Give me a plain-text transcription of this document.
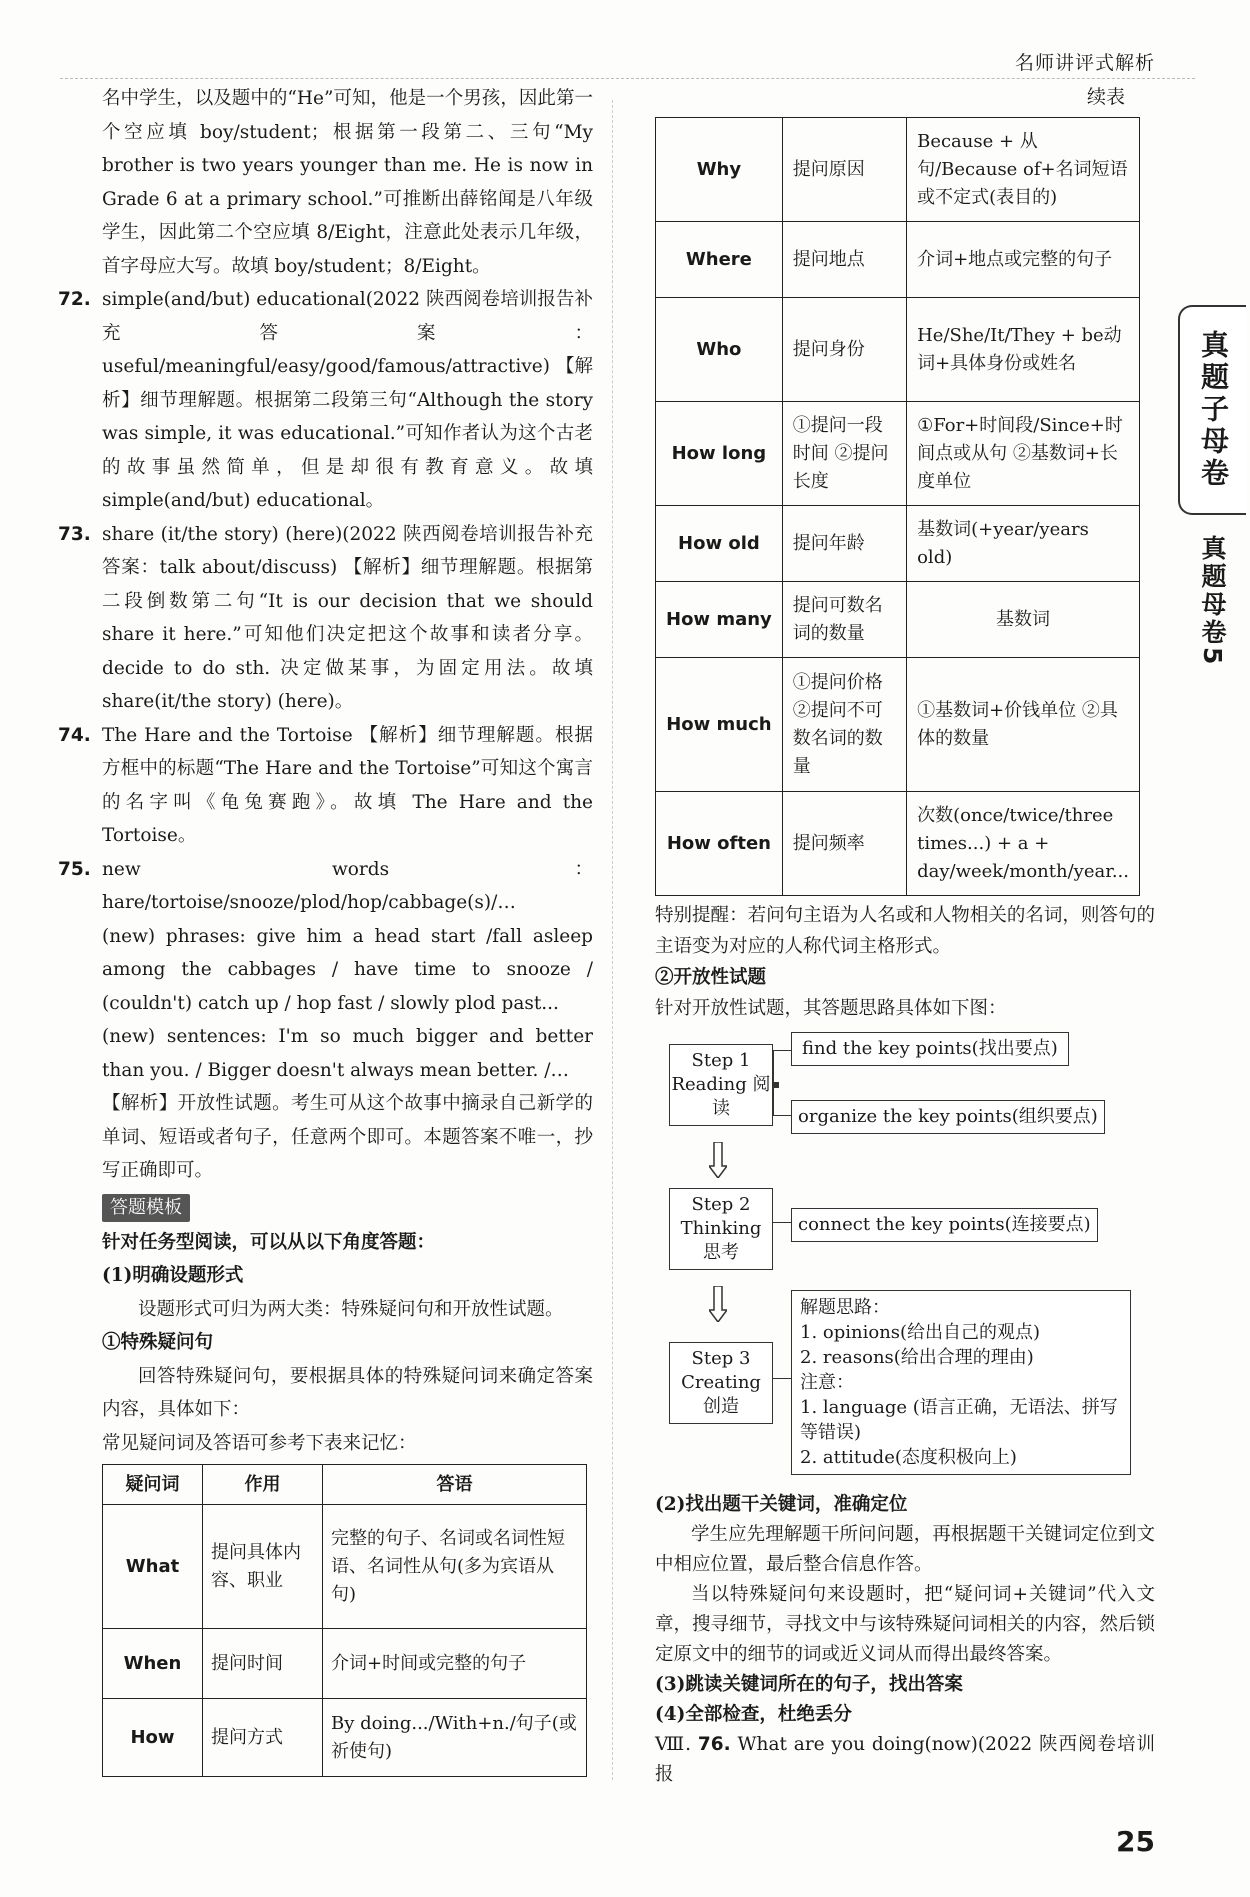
名师讲评式解析

名中学生，以及题中的“He”可知，他是一个男孩，因此第一个空应填 boy/student；根据第一段第二、三句“My brother is two years younger than me. He is now in Grade 6 at a primary school.”可推断出薛铭闻是八年级学生，因此第二个空应填 8/Eight，注意此处表示几年级，首字母应大写。故填 boy/student；8/Eight。

72. simple(and/but) educational(2022 陕西阅卷培训报告补充答案：useful/meaningful/easy/good/famous/attractive) 【解析】细节理解题。根据第二段第三句“Although the story was simple, it was educational.”可知作者认为这个古老的故事虽然简单，但是却很有教育意义。故填 simple(and/but) educational。

73. share (it/the story) (here)(2022 陕西阅卷培训报告补充答案：talk about/discuss) 【解析】细节理解题。根据第二段倒数第二句“It is our decision that we should share it here.”可知他们决定把这个故事和读者分享。decide to do sth. 决定做某事，为固定用法。故填 share(it/the story) (here)。

74. The Hare and the Tortoise 【解析】细节理解题。根据方框中的标题“The Hare and the Tortoise”可知这个寓言的名字叫《龟兔赛跑》。故填 The Hare and the Tortoise。

75. new words：hare/tortoise/snooze/plod/hop/cabbage(s)/…

(new) phrases: give him a head start /fall asleep among the cabbages / have time to snooze / (couldn't) catch up / hop fast / slowly plod past...

(new) sentences: I'm so much bigger and better than you. / Bigger doesn't always mean better. /…

【解析】开放性试题。考生可从这个故事中摘录自己新学的单词、短语或者句子，任意两个即可。本题答案不唯一，抄写正确即可。

答题模板

针对任务型阅读，可以从以下角度答题：

(1)明确设题形式

设题形式可归为两大类：特殊疑问句和开放性试题。

①特殊疑问句

回答特殊疑问句，要根据具体的特殊疑问词来确定答案内容，具体如下：

常见疑问词及答语可参考下表来记忆：

疑问词	作用	答语
What	提问具体内容、职业	完整的句子、名词或名词性短语、名词性从句(多为宾语从句)
When	提问时间	介词+时间或完整的句子
How	提问方式	By doing.../With+n./句子(或祈使句)
续表
Why	提问原因	Because + 从句/Because of+名词短语或不定式(表目的)
Where	提问地点	介词+地点或完整的句子
Who	提问身份	He/She/It/They + be动词+具体身份或姓名
How long	①提问一段时间 ②提问长度	①For+时间段/Since+时间点或从句 ②基数词+长度单位
How old	提问年龄	基数词(+year/years old)
How many	提问可数名词的数量	基数词
How much	①提问价格 ②提问不可数名词的数量	①基数词+价钱单位 ②具体的数量
How often	提问频率	次数(once/twice/three times...) + a + day/week/month/year...

特别提醒：若问句主语为人名或和人物相关的名词，则答句的主语变为对应的人称代词主格形式。

②开放性试题

针对开放性试题，其答题思路具体如下图：

Step 1 Reading 阅读
find the key points(找出要点)
organize the key points(组织要点)
Step 2 Thinking 思考
connect the key points(连接要点)
Step 3 Creating 创造
解题思路：
1. opinions(给出自己的观点)
2. reasons(给出合理的理由)
注意：
1. language (语言正确，无语法、拼写等错误)
2. attitude(态度积极向上)

(2)找出题干关键词，准确定位

学生应先理解题干所问问题，再根据题干关键词定位到文中相应位置，最后整合信息作答。

当以特殊疑问句来设题时，把“疑问词+关键词”代入文章，搜寻细节，寻找文中与该特殊疑问词相关的内容，然后锁定原文中的细节的词或近义词从而得出最终答案。

(3)跳读关键词所在的句子，找出答案

(4)全部检查，杜绝丢分

Ⅷ. 76. What are you doing(now)(2022 陕西阅卷培训报

真题子母卷
真题母卷5
25
